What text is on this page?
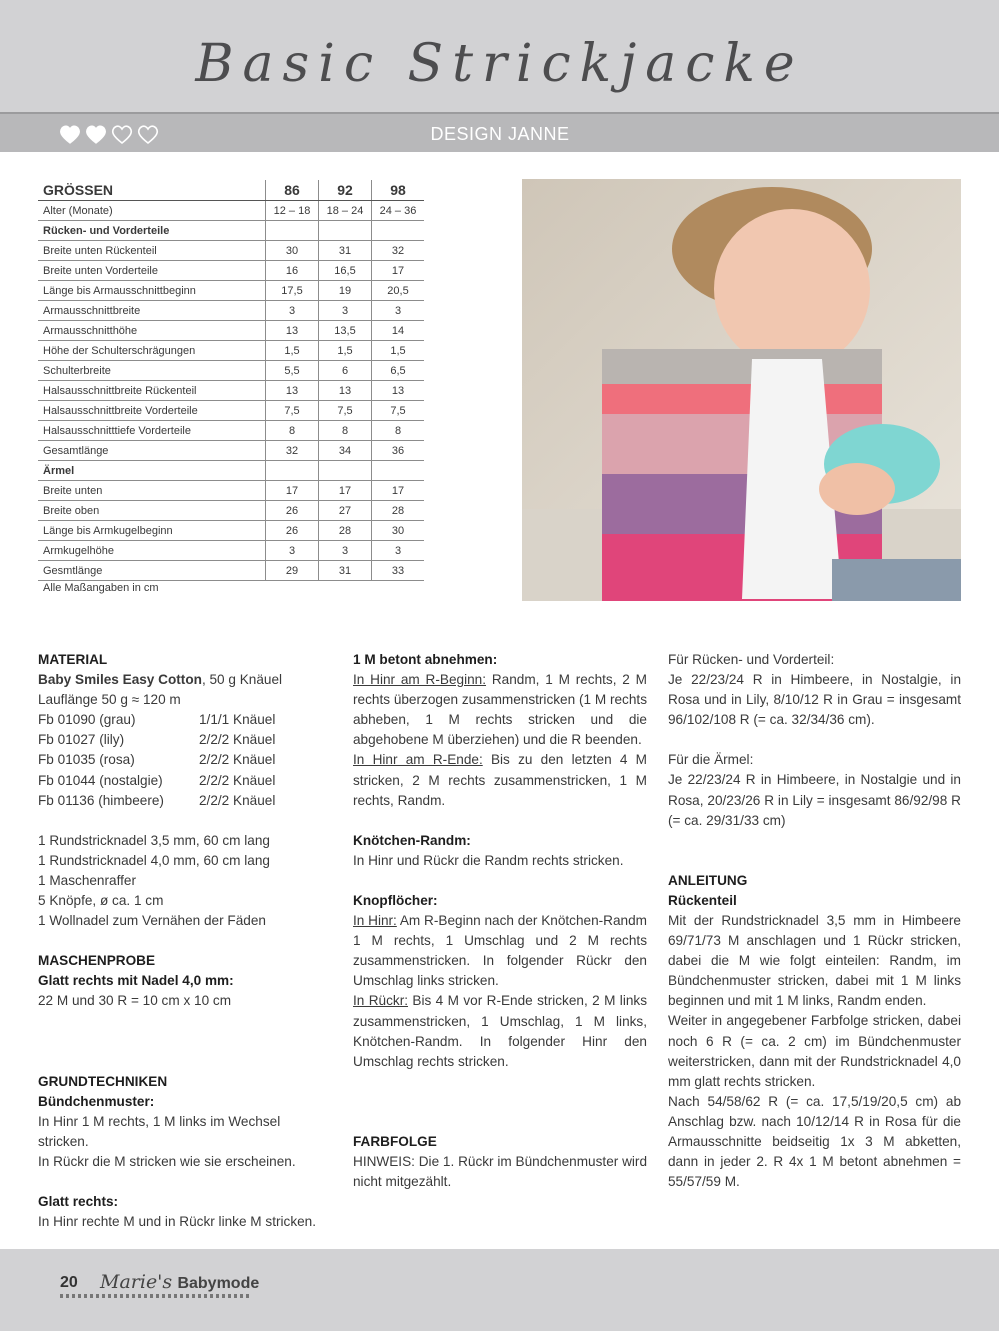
Basic Strickjacke
DESIGN JANNE
GRÖSSEN	86	92	98
Alter (Monate)	12 – 18	18 – 24	24 – 36
Rücken- und Vorderteile			
Breite unten Rückenteil	30	31	32
Breite unten Vorderteile	16	16,5	17
Länge bis Armausschnittbeginn	17,5	19	20,5
Armausschnittbreite	3	3	3
Armausschnitthöhe	13	13,5	14
Höhe der Schulterschrägungen	1,5	1,5	1,5
Schulterbreite	5,5	6	6,5
Halsausschnittbreite Rückenteil	13	13	13
Halsausschnittbreite Vorderteile	7,5	7,5	7,5
Halsausschnitttiefe Vorderteile	8	8	8
Gesamtlänge	32	34	36
Ärmel			
Breite unten	17	17	17
Breite oben	26	27	28
Länge bis Armkugelbeginn	26	28	30
Armkugelhöhe	3	3	3
Gesmtlänge	29	31	33
Alle Maßangaben in cm

MATERIAL

Baby Smiles Easy Cotton, 50 g Knäuel

Lauflänge 50 g ≈ 120 m

Fb 01090 (grau)	1/1/1 Knäuel
Fb 01027 (lily)	2/2/2 Knäuel
Fb 01035 (rosa)	2/2/2 Knäuel
Fb 01044 (nostalgie)	2/2/2 Knäuel
Fb 01136 (himbeere)	2/2/2 Knäuel

1 Rundstricknadel 3,5 mm, 60 cm lang

1 Rundstricknadel 4,0 mm, 60 cm lang

1 Maschenraffer

5 Knöpfe, ø ca. 1 cm

1 Wollnadel zum Vernähen der Fäden

MASCHENPROBE

Glatt rechts mit Nadel 4,0 mm:

22 M und 30 R = 10 cm x 10 cm

GRUNDTECHNIKEN

Bündchenmuster:

In Hinr 1 M rechts, 1 M links im Wechsel stricken.

In Rückr die M stricken wie sie erscheinen.

Glatt rechts:

In Hinr rechte M und in Rückr linke M stricken.

1 M betont abnehmen:

In Hinr am R-Beginn: Randm, 1 M rechts, 2 M rechts überzogen zusammenstricken (1 M rechts abheben, 1 M rechts stricken und die abgehobene M überziehen) und die R beenden.

In Hinr am R-Ende: Bis zu den letzten 4 M stricken, 2 M rechts zusammenstricken, 1 M rechts, Randm.

Knötchen-Randm:

In Hinr und Rückr die Randm rechts stricken.

Knopflöcher:

In Hinr: Am R-Beginn nach der Knötchen-Randm 1 M rechts, 1 Umschlag und 2 M rechts zusammenstricken. In folgender Rückr den Umschlag links stricken.

In Rückr: Bis 4 M vor R-Ende stricken, 2 M links zusammenstricken, 1 Umschlag, 1 M links, Knötchen-Randm. In folgender Hinr den Umschlag rechts stricken.

FARBFOLGE

HINWEIS: Die 1. Rückr im Bündchenmuster wird nicht mitgezählt.

Für Rücken- und Vorderteil:

Je 22/23/24 R in Himbeere, in Nostalgie, in Rosa und in Lily, 8/10/12 R in Grau = insgesamt 96/102/108 R (= ca. 32/34/36 cm).

Für die Ärmel:

Je 22/23/24 R in Himbeere, in Nostalgie und in Rosa, 20/23/26 R in Lily = insgesamt 86/92/98 R (= ca. 29/31/33 cm)

ANLEITUNG

Rückenteil

Mit der Rundstricknadel 3,5 mm in Himbeere 69/71/73 M anschlagen und 1 Rückr stricken, dabei die M wie folgt einteilen: Randm, im Bündchenmuster stricken, dabei mit 1 M links beginnen und mit 1 M links, Randm enden.

Weiter in angegebener Farbfolge stricken, dabei noch 6 R (= ca. 2 cm) im Bündchenmuster weiterstricken, dann mit der Rundstricknadel 4,0 mm glatt rechts stricken.

Nach 54/58/62 R (= ca. 17,5/19/20,5 cm) ab Anschlag bzw. nach 10/12/14 R in Rosa für die Armausschnitte beidseitig 1x 3 M abketten, dann in jeder 2. R 4x 1 M betont abnehmen = 55/57/59 M.

20 Marie's Babymode
